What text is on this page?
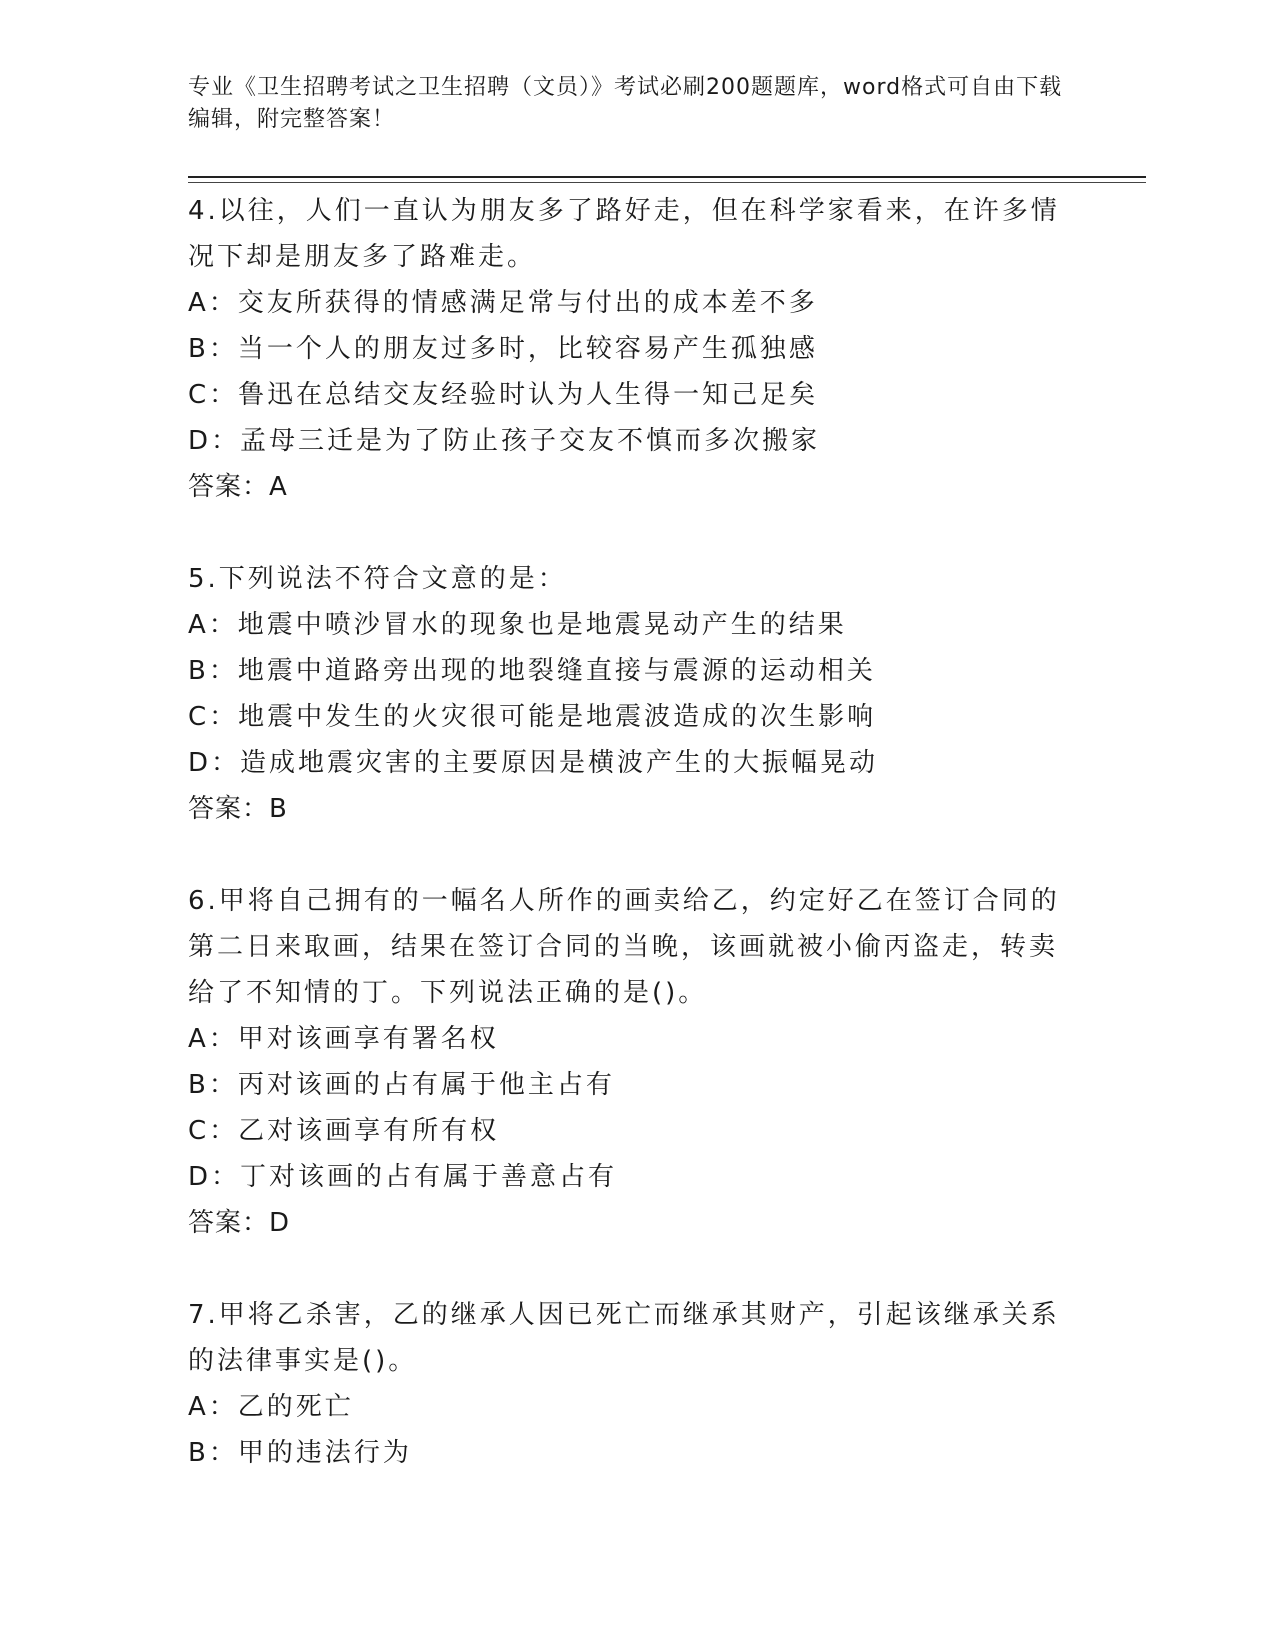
专业《卫生招聘考试之卫生招聘（文员）》考试必刷200题题库，word格式可自由下载编辑，附完整答案！
4.以往，人们一直认为朋友多了路好走，但在科学家看来，在许多情况下却是朋友多了路难走。
A：交友所获得的情感满足常与付出的成本差不多
B：当一个人的朋友过多时，比较容易产生孤独感
C：鲁迅在总结交友经验时认为人生得一知己足矣
D：孟母三迁是为了防止孩子交友不慎而多次搬家
答案：A
5.下列说法不符合文意的是：
A：地震中喷沙冒水的现象也是地震晃动产生的结果
B：地震中道路旁出现的地裂缝直接与震源的运动相关
C：地震中发生的火灾很可能是地震波造成的次生影响
D：造成地震灾害的主要原因是横波产生的大振幅晃动
答案：B
6.甲将自己拥有的一幅名人所作的画卖给乙，约定好乙在签订合同的第二日来取画，结果在签订合同的当晚，该画就被小偷丙盗走，转卖给了不知情的丁。下列说法正确的是()。
A：甲对该画享有署名权
B：丙对该画的占有属于他主占有
C：乙对该画享有所有权
D：丁对该画的占有属于善意占有
答案：D
7.甲将乙杀害，乙的继承人因已死亡而继承其财产，引起该继承关系的法律事实是()。
A：乙的死亡
B：甲的违法行为
